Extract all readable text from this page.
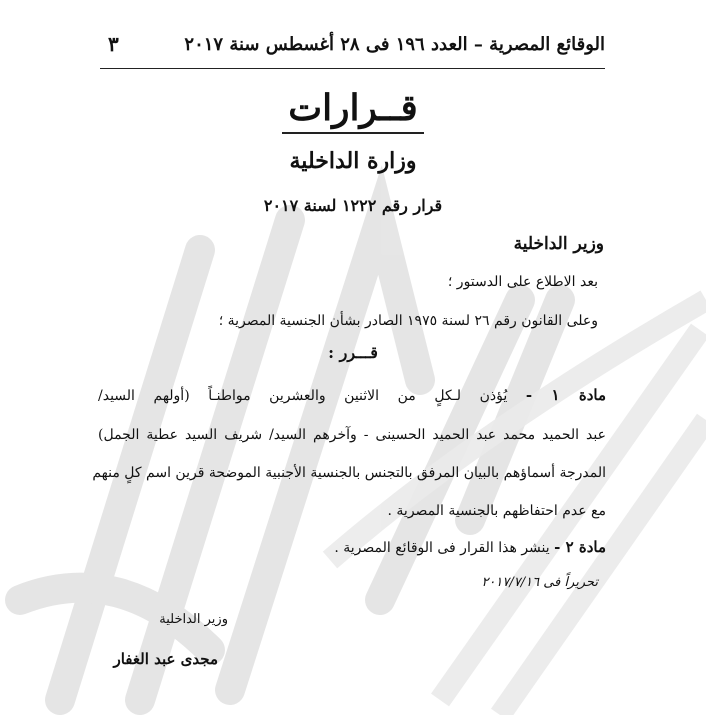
الوقائع المصرية – العدد ١٩٦ فى ٢٨ أغسطس سنة ٢٠١٧
٣
قــرارات
وزارة الداخلية
قرار رقم ١٢٢٢ لسنة ٢٠١٧
وزير الداخلية
بعد الاطلاع على الدستور ؛
وعلى القانون رقم ٢٦ لسنة ١٩٧٥ الصادر بشأن الجنسية المصرية ؛
قـــرر :
مادة ١ - يُؤذن لـكلٍ من الاثنين والعشرين مواطنـاً (أولهم السيد/
عبد الحميد محمد عبد الحميد الحسينى - وآخرهم السيد/ شريف السيد عطية الجمل)
المدرجة أسماؤهم بالبيان المرفق بالتجنس بالجنسية الأجنبية الموضحة قرين اسم كلٍ منهم
مع عدم احتفاظهم بالجنسية المصرية .
مادة ٢ - ينشر هذا القرار فى الوقائع المصرية .
تحريراً فى ٢٠١٧/٧/١٦
وزير الداخلية
مجدى عبد الغفار
